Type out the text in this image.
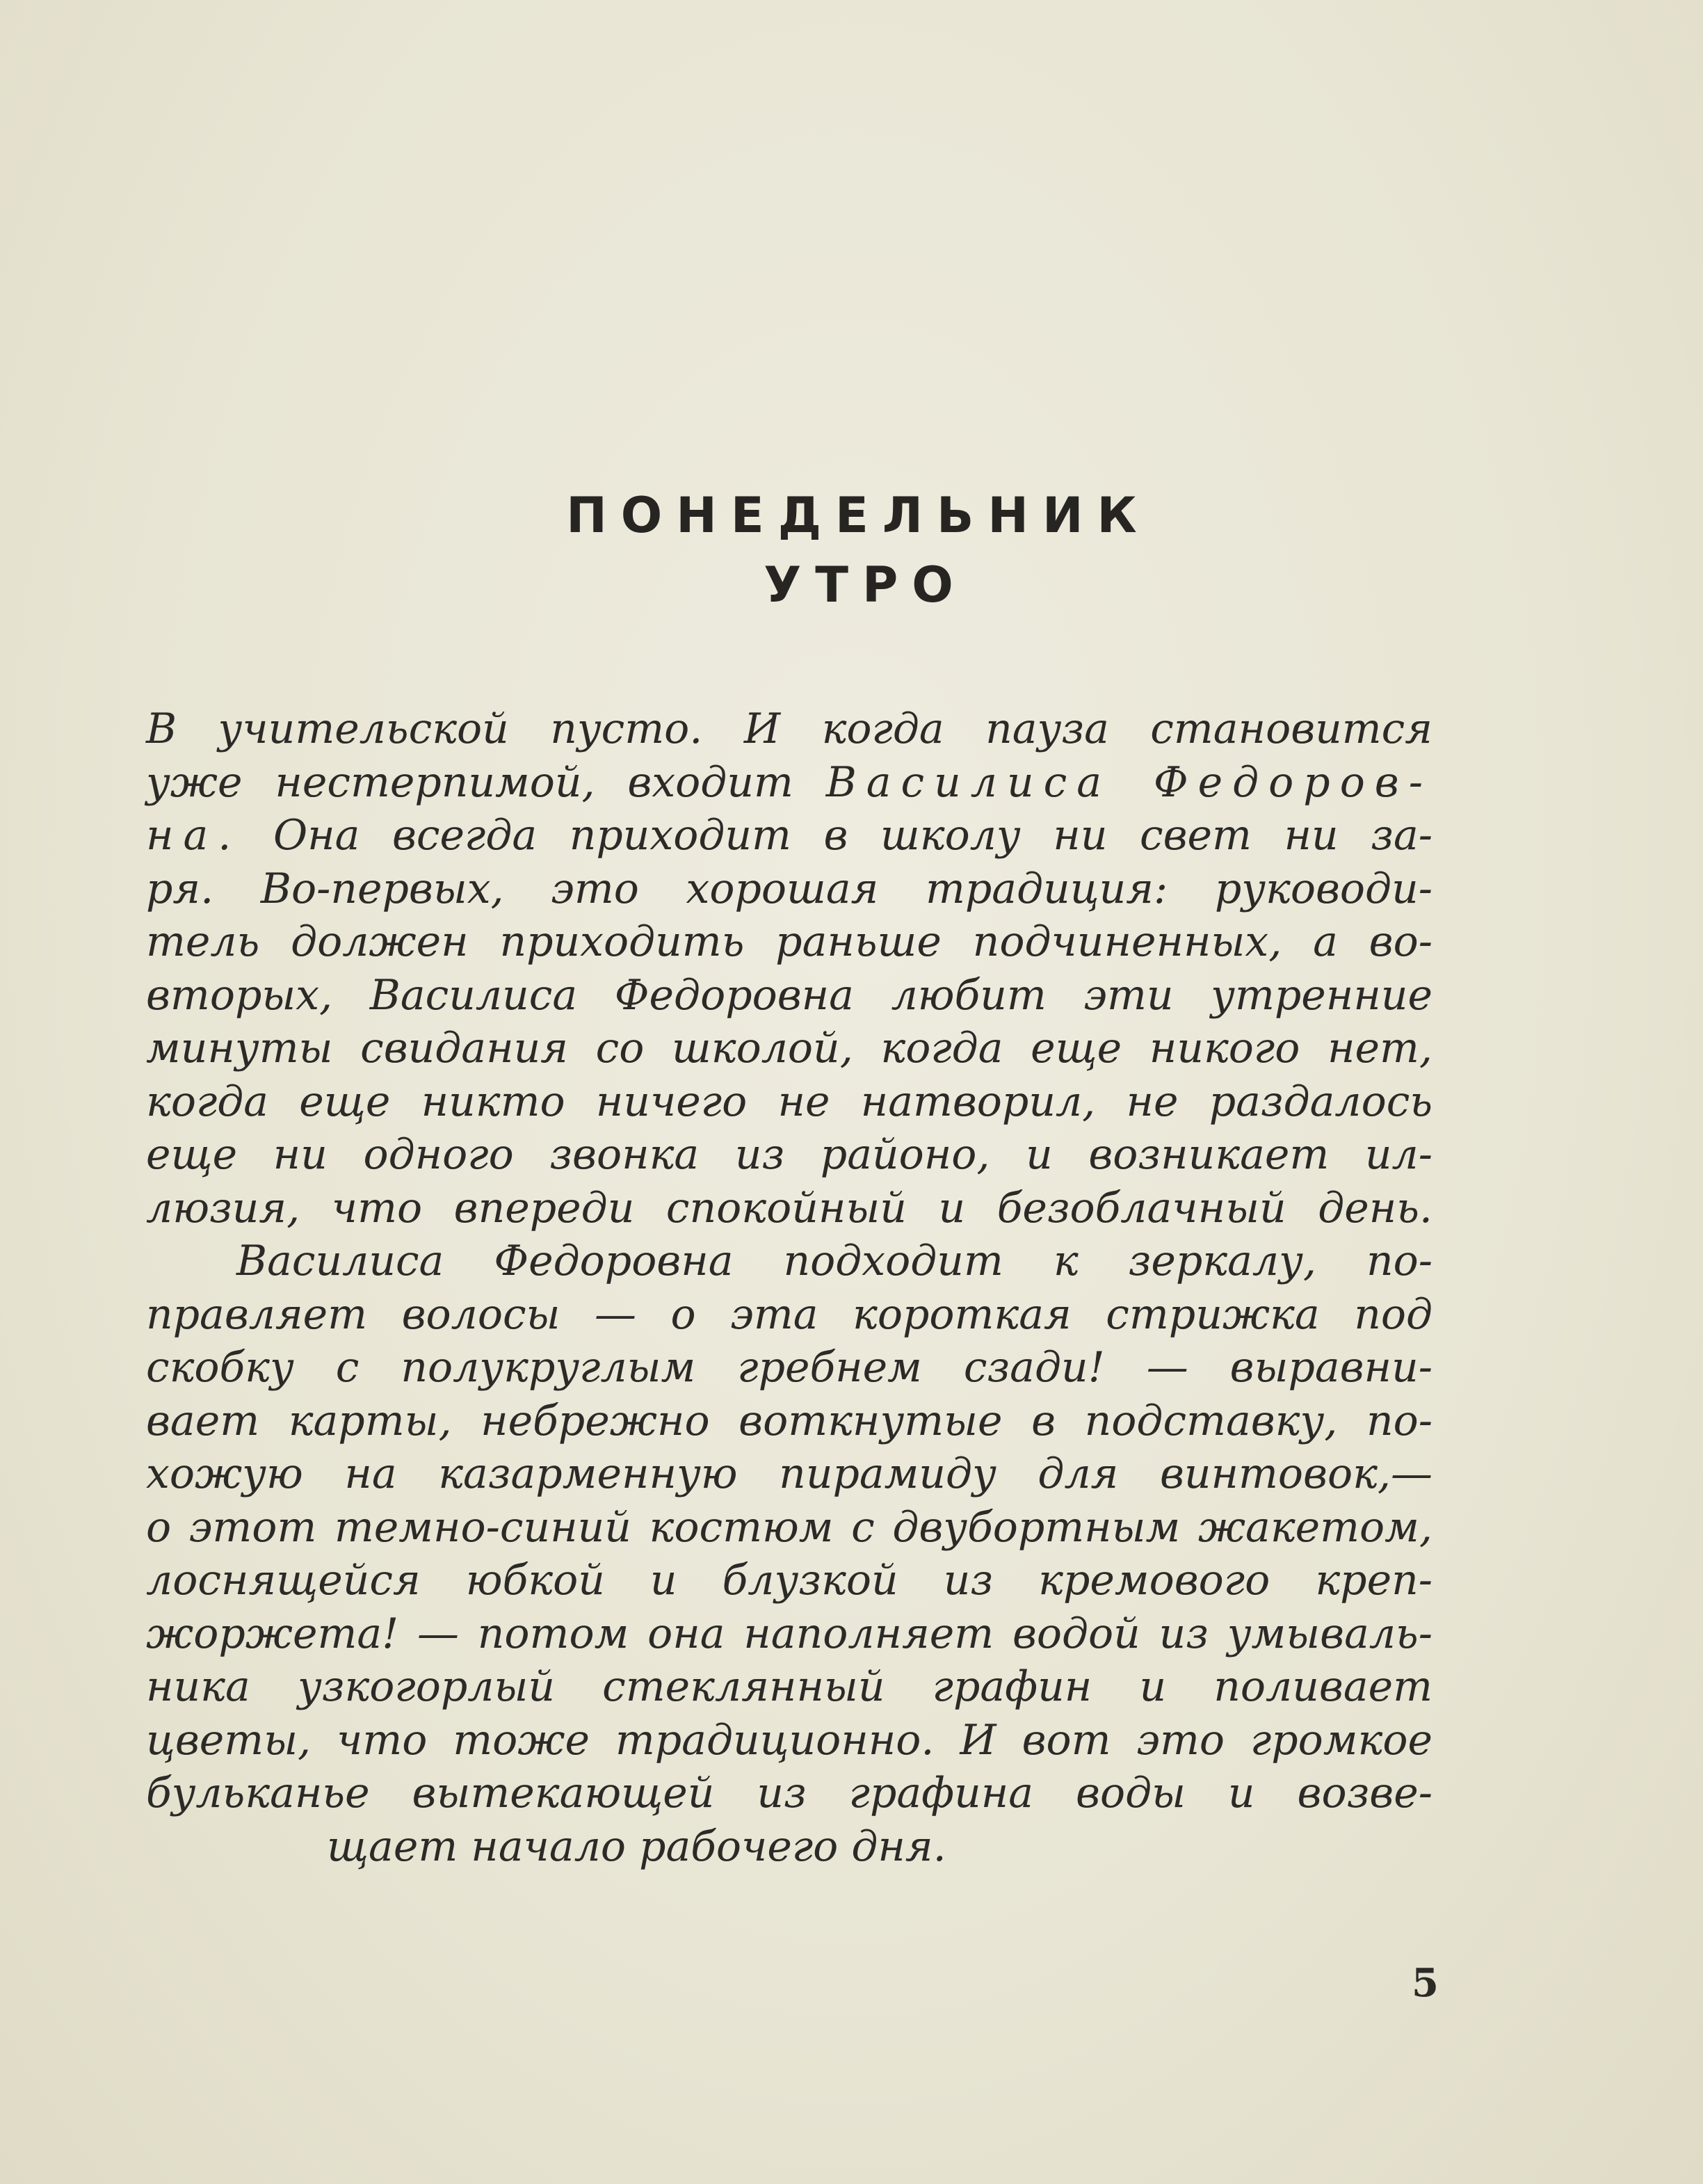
ПОНЕДЕЛЬНИК
УТРО
В учительской пусто. И когда пауза становится
уже нестерпимой, входит Василиса Федоров-
на. Она всегда приходит в школу ни свет ни за-
ря. Во-первых, это хорошая традиция: руководи-
тель должен приходить раньше подчиненных, а во-
вторых, Василиса Федоровна любит эти утренние
минуты свидания со школой, когда еще никого нет,
когда еще никто ничего не натворил, не раздалось
еще ни одного звонка из районо, и возникает ил-
люзия, что впереди спокойный и безоблачный день.
Василиса Федоровна подходит к зеркалу, по-
правляет волосы — о эта короткая стрижка под
скобку с полукруглым гребнем сзади! — выравни-
вает карты, небрежно воткнутые в подставку, по-
хожую на казарменную пирамиду для винтовок,—
о этот темно-синий костюм с двубортным жакетом,
лоснящейся юбкой и блузкой из кремового креп-
жоржета! — потом она наполняет водой из умываль-
ника узкогорлый стеклянный графин и поливает
цветы, что тоже традиционно. И вот это громкое
бульканье вытекающей из графина воды и возве-
щает начало рабочего дня.
5
